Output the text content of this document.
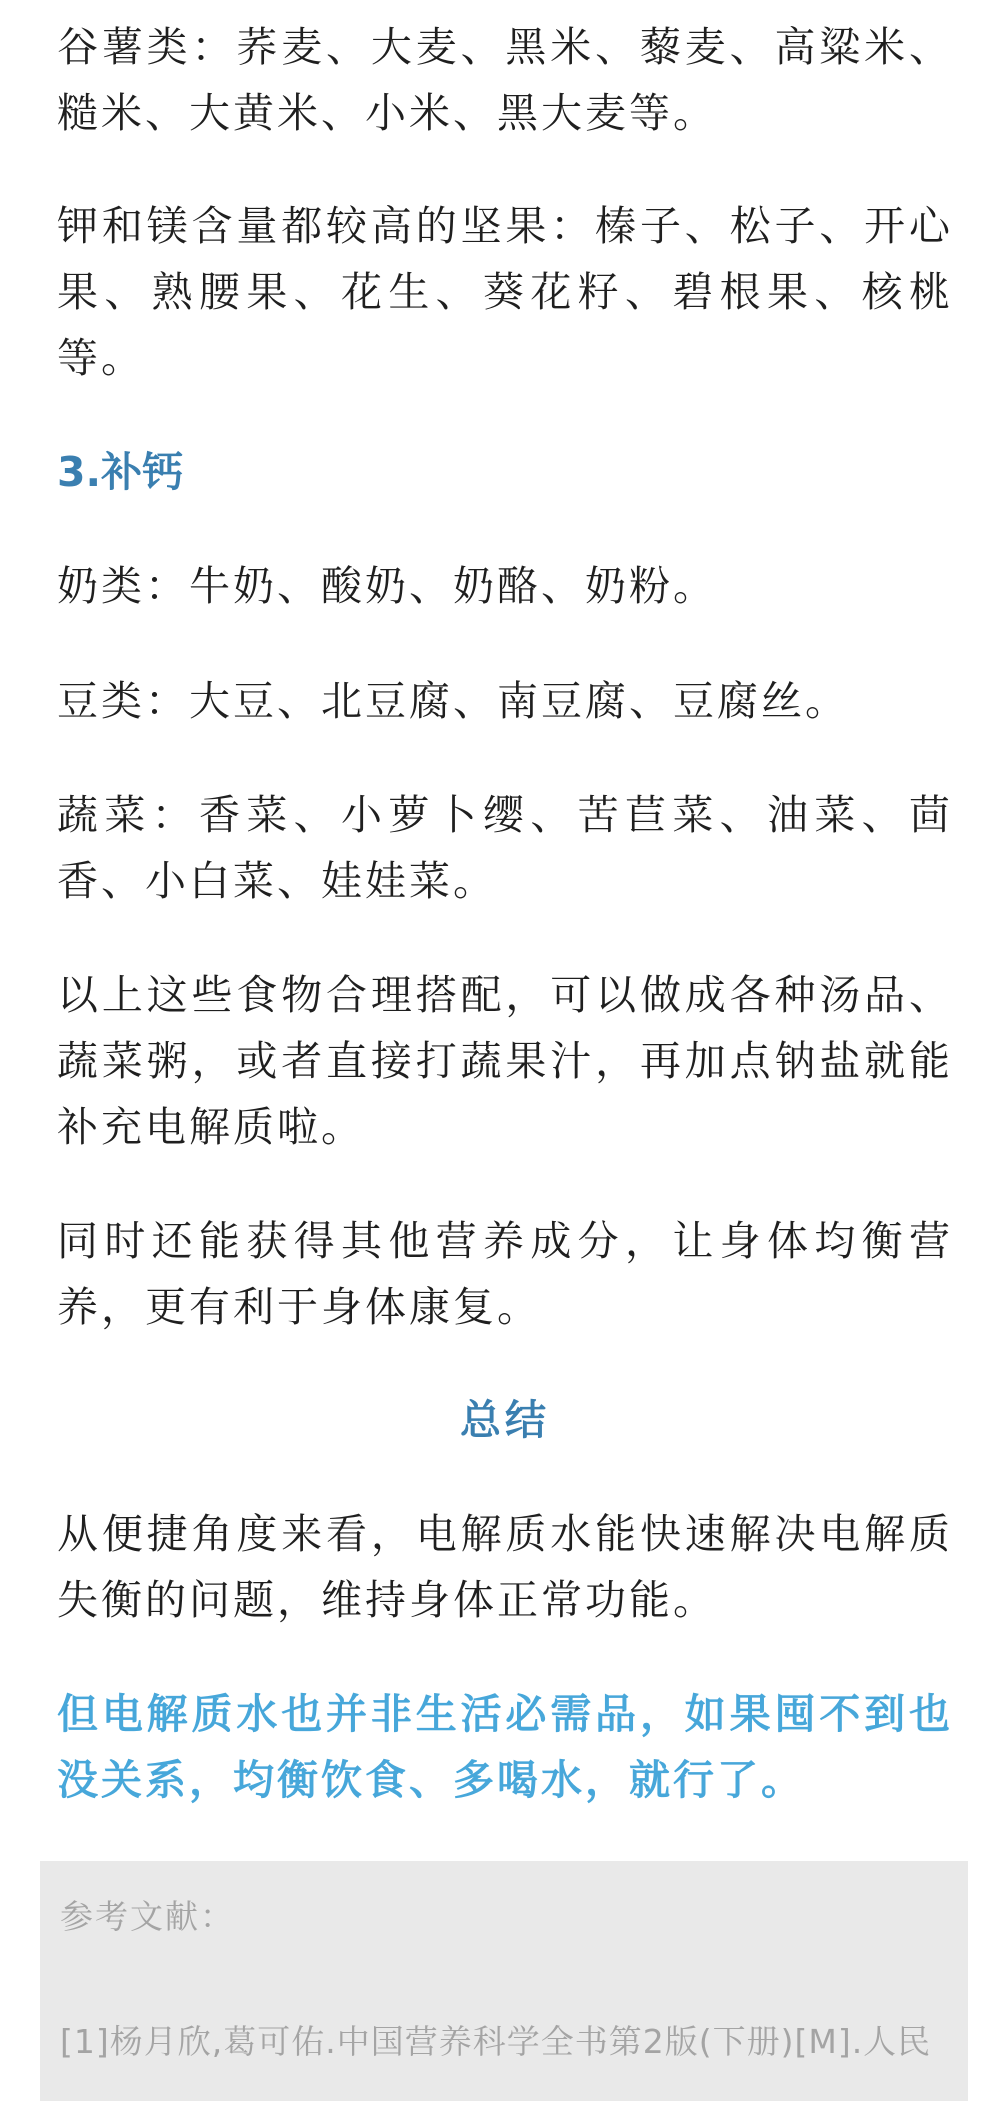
谷薯类：荞麦、大麦、黑米、藜麦、高粱米、糙米、大黄米、小米、黑大麦等。

钾和镁含量都较高的坚果：榛子、松子、开心果、熟腰果、花生、葵花籽、碧根果、核桃等。

3.补钙

奶类：牛奶、酸奶、奶酪、奶粉。

豆类：大豆、北豆腐、南豆腐、豆腐丝。

蔬菜：香菜、小萝卜缨、苦苣菜、油菜、茴香、小白菜、娃娃菜。

以上这些食物合理搭配，可以做成各种汤品、蔬菜粥，或者直接打蔬果汁，再加点钠盐就能补充电解质啦。

同时还能获得其他营养成分，让身体均衡营养，更有利于身体康复。

总结

从便捷角度来看，电解质水能快速解决电解质失衡的问题，维持身体正常功能。

但电解质水也并非生活必需品，如果囤不到也没关系，均衡饮食、多喝水，就行了。

参考文献：
[1]杨月欣,葛可佑.中国营养科学全书第2版(下册)[M].人民
